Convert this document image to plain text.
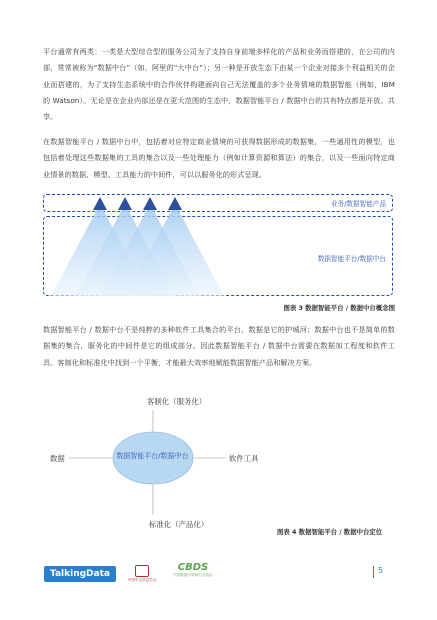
平台通常有两类：一类是大型综合型的服务公司为了支持自身前端多样化的产品和业务而搭建的，在公司的内部，常常被称为“数据中台”（如，阿里的“大中台”）；另一种是开放生态下由某一个企业对接多个利益相关的企业而搭建的，为了支持生态系统中的合作伙伴构建面向自己无法覆盖的多个业务情境的数据智能（例如，IBM 的 Watson）。无论是在企业内部还是在更大范围的生态中，数据智能平台 / 数据中台的共有特点都是开放、共享。

在数据智能平台 / 数据中台中，包括着对应特定商业情境的可获得数据形成的数据集，一些通用性的模型，也包括着处理这些数据集的工具的集合以及一些处理能力（例如计算资源和算法）的集合，以及一些面向特定商业情景的数据、模型、工具能力的中间件，可以以服务化的形式呈现。

业务/数据智能产品
数据智能平台/数据中台
图表 3 数据智能平台 / 数据中台概念图

数据智能平台 / 数据中台不是纯粹的多种软件工具集合的平台，数据是它的护城河；数据中台也不是简单的数据集的集合，服务化的中间件是它的组成部分。因此数据智能平台 / 数据中台需要在数据加工程度和软件工具、客制化和标准化中找到一个平衡，才能最大效率地赋能数据智能产品和解决方案。

客制化（服务化）
标准化（产品化）
数据	软件工具
数据智能平台/数据中台
图表 4 数据智能平台 / 数据中台定位
TalkingData
中国中文信息学会
CBDS
中国数据分析师行业协会	5
